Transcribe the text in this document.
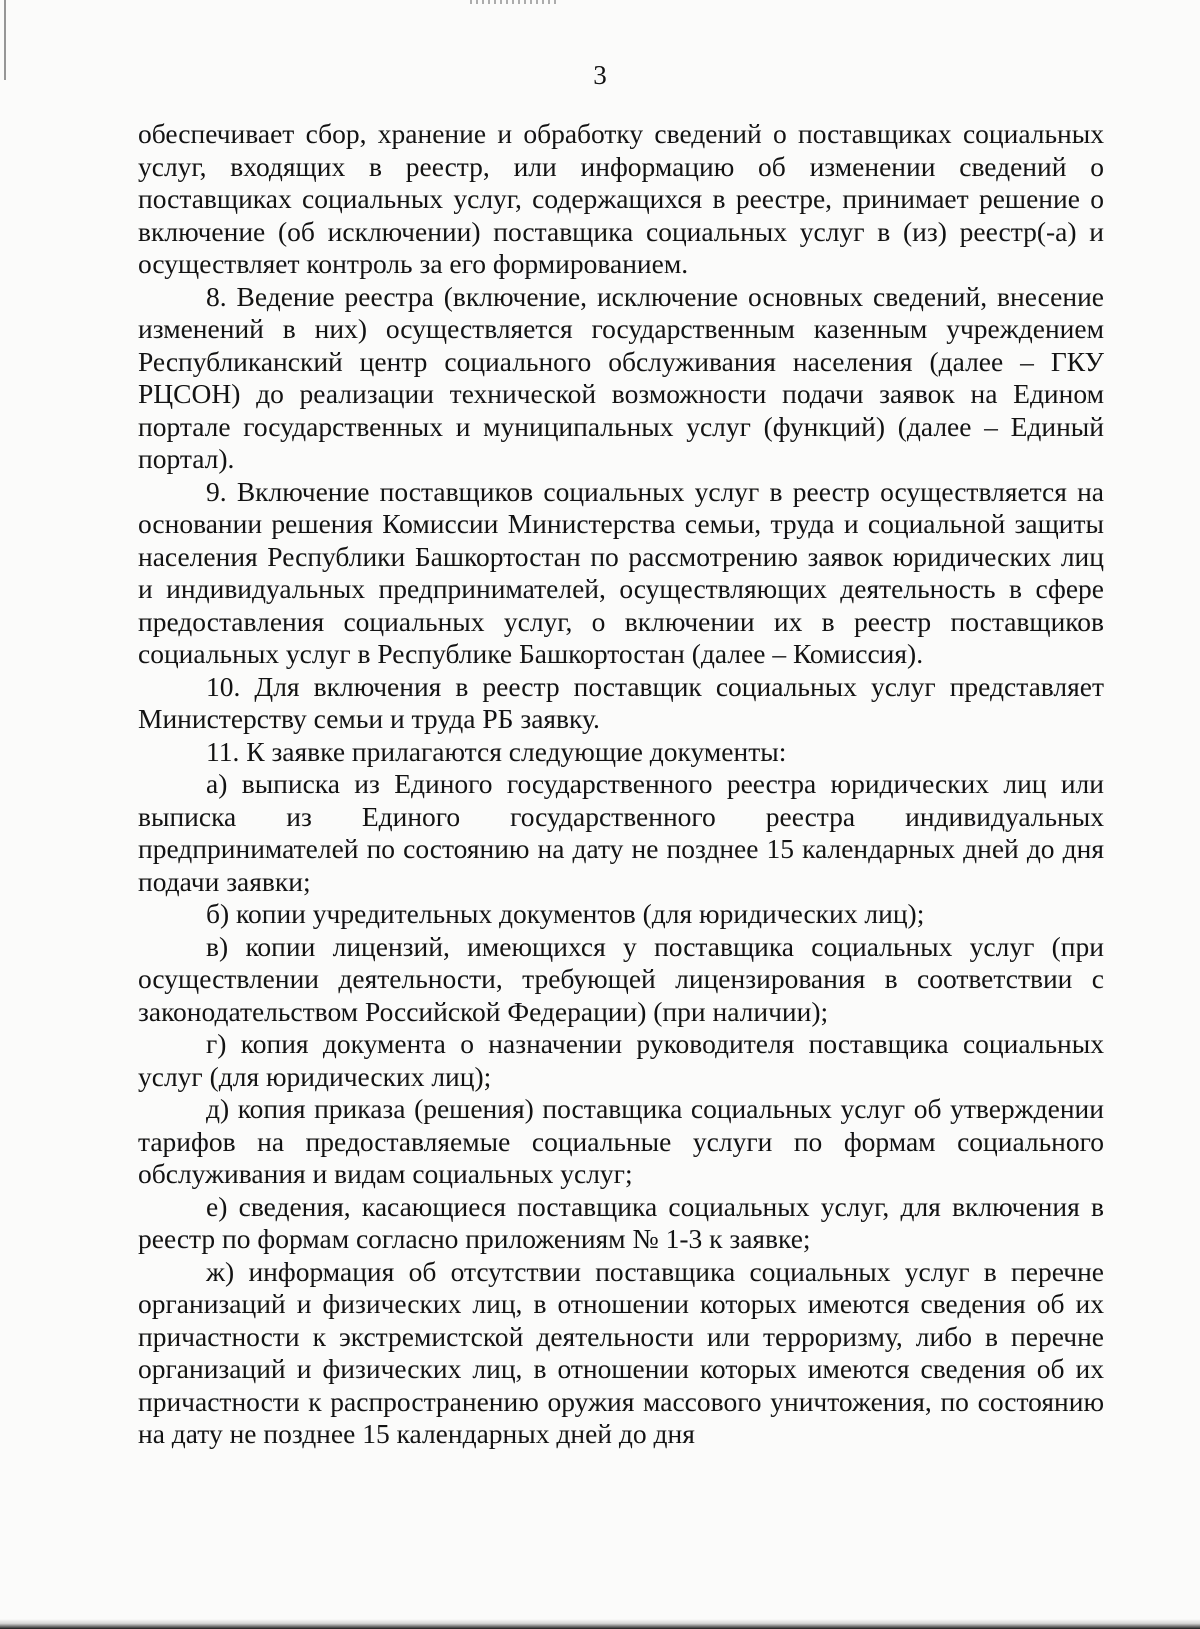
3

обеспечивает сбор, хранение и обработку сведений о поставщиках социальных услуг, входящих в реестр, или информацию об изменении сведений о поставщиках социальных услуг, содержащихся в реестре, принимает решение о включение (об исключении) поставщика социальных услуг в (из) реестр(-а) и осуществляет контроль за его формированием.

8. Ведение реестра (включение, исключение основных сведений, внесение изменений в них) осуществляется государственным казенным учреждением Республиканский центр социального обслуживания населения (далее – ГКУ РЦСОН) до реализации технической возможности подачи заявок на Едином портале государственных и муниципальных услуг (функций) (далее – Единый портал).

9. Включение поставщиков социальных услуг в реестр осуществляется на основании решения Комиссии Министерства семьи, труда и социальной защиты населения Республики Башкортостан по рассмотрению заявок юридических лиц и индивидуальных предпринимателей, осуществляющих деятельность в сфере предоставления социальных услуг, о включении их в реестр поставщиков социальных услуг в Республике Башкортостан (далее – Комиссия).

10. Для включения в реестр поставщик социальных услуг представляет Министерству семьи и труда РБ заявку.

11. К заявке прилагаются следующие документы:

а) выписка из Единого государственного реестра юридических лиц или выписка из Единого государственного реестра индивидуальных предпринимателей по состоянию на дату не позднее 15 календарных дней до дня подачи заявки;

б) копии учредительных документов (для юридических лиц);

в) копии лицензий, имеющихся у поставщика социальных услуг (при осуществлении деятельности, требующей лицензирования в соответствии с законодательством Российской Федерации) (при наличии);

г) копия документа о назначении руководителя поставщика социальных услуг (для юридических лиц);

д) копия приказа (решения) поставщика социальных услуг об утверждении тарифов на предоставляемые социальные услуги по формам социального обслуживания и видам социальных услуг;

е) сведения, касающиеся поставщика социальных услуг, для включения в реестр по формам согласно приложениям № 1-3 к заявке;

ж) информация об отсутствии поставщика социальных услуг в перечне организаций и физических лиц, в отношении которых имеются сведения об их причастности к экстремистской деятельности или терроризму, либо в перечне организаций и физических лиц, в отношении которых имеются сведения об их причастности к распространению оружия массового уничтожения, по состоянию на дату не позднее 15 календарных дней до дня
